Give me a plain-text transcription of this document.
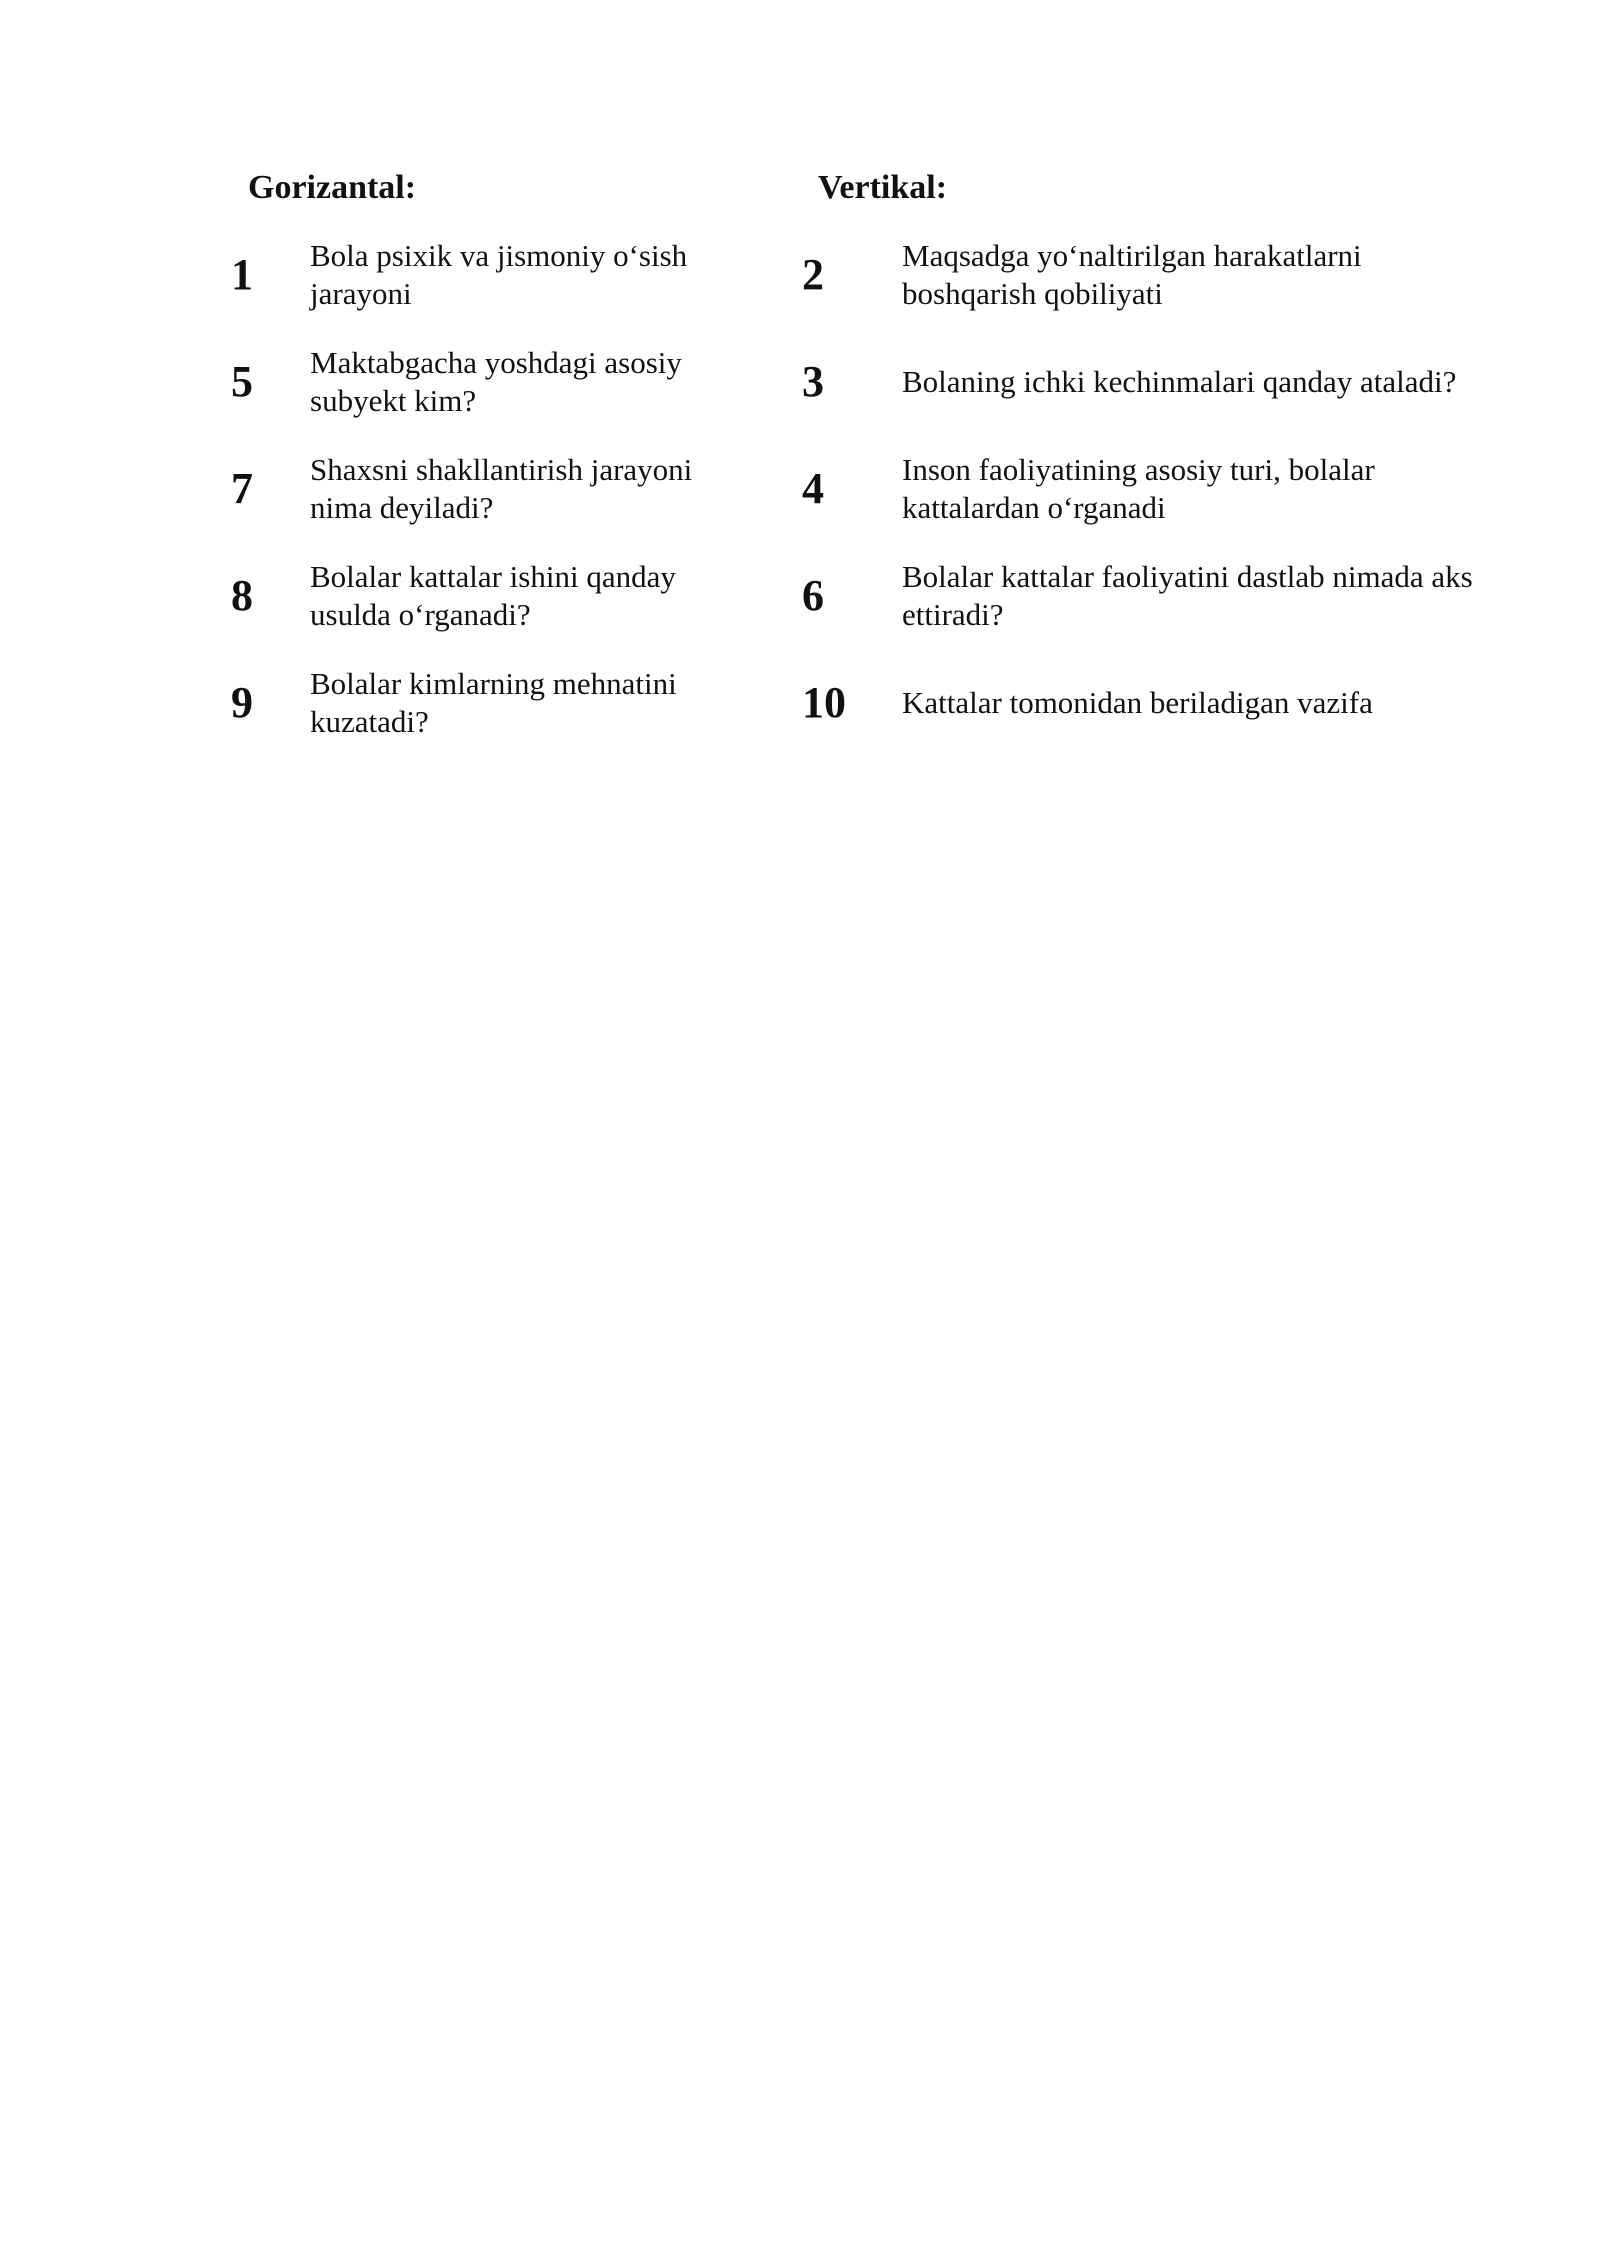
Gorizantal:
1	Bola psixik va jismoniy o‘sish jarayoni
5	Maktabgacha yoshdagi asosiy subyekt kim?
7	Shaxsni shakllantirish jarayoni nima deyiladi?
8	Bolalar kattalar ishini qanday usulda o‘rganadi?
9	Bolalar kimlarning mehnatini kuzatadi?
Vertikal:
2	Maqsadga yo‘naltirilgan harakatlarni boshqarish qobiliyati
3	Bolaning ichki kechinmalari qanday ataladi?
4	Inson faoliyatining asosiy turi, bolalar kattalardan o‘rganadi
6	Bolalar kattalar faoliyatini dastlab nimada aks ettiradi?
10	Kattalar tomonidan beriladigan vazifa
